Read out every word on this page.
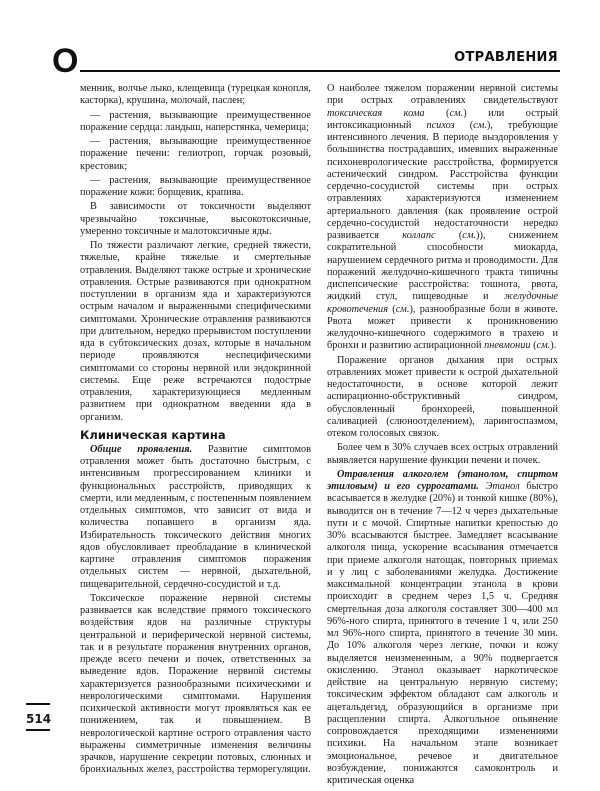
О	ОТРАВЛЕНИЯ

менник, волчье лыко, клещевица (турецкая конопля, касторка), крушина, молочай, паслен;

— растения, вызывающие преимущественное поражение сердца: ландыш, наперстянка, чемерица;

— растения, вызывающие преимущественное поражение печени: гелиотроп, горчак розовый, крестовик;

— растения, вызывающие преимущественное поражение кожи: борщевик, крапива.

В зависимости от токсичности выделяют чрезвычайно токсичные, высокотоксичные, умеренно токсичные и малотоксичные яды.

По тяжести различают легкие, средней тяжести, тяжелые, крайне тяжелые и смертельные отравления. Выделяют также острые и хронические отравления. Острые развиваются при однократном поступлении в организм яда и характеризуются острым началом и выраженными специфическими симптомами. Хронические отравления развиваются при длительном, нередко прерывистом поступлении яда в субтоксических дозах, которые в начальном периоде проявляются неспецифическими симптомами со стороны нервной или эндокринной системы. Еще реже встречаются подострые отравления, характеризующиеся медленным развитием при однократном введении яда в организм.

Клиническая картина

Общие проявления. Развитие симптомов отравления может быть достаточно быстрым, с интенсивным прогрессированием клиники и функциональных расстройств, приводящих к смерти, или медленным, с постепенным появлением отдельных симптомов, что зависит от вида и количества попавшего в организм яда. Избирательность токсического действия многих ядов обусловливает преобладание в клинической картине отравления симптомов поражения отдельных систем — нервной, дыхательной, пищеварительной, сердечно-сосудистой и т.д.

Токсическое поражение нервной системы развивается как вследствие прямого токсического воздействия ядов на различные структуры центральной и периферической нервной системы, так и в результате поражения внутренних органов, прежде всего печени и почек, ответственных за выведение ядов. Поражение нервной системы характеризуется разнообразными психическими и неврологическими симптомами. Нарушения психической активности могут проявляться как ее понижением, так и повышением. В неврологической картине острого отравления часто выражены симметричные изменения величины зрачков, нарушение секреции потовых, слюнных и бронхиальных желез, расстройства терморегуляции.

О наиболее тяжелом поражении нервной системы при острых отравлениях свидетельствуют токсическая кома (см.) или острый интоксикационный психоз (см.), требующие интенсивного лечения. В периоде выздоровления у большинства пострадавших, имевших выраженные психоневрологические расстройства, формируется астенический синдром. Расстройства функции сердечно-сосудистой системы при острых отравлениях характеризуются изменением артериального давления (как проявление острой сердечно-сосудистой недостаточности нередко развивается коллапс (см.)), снижением сократительной способности миокарда, нарушением сердечного ритма и проводимости. Для поражений желудочно-кишечного тракта типичны диспепсические расстройства: тошнота, рвота, жидкий стул, пищеводные и желудочные кровотечения (см.), разнообразные боли в животе. Рвота может привести к проникновению желудочно-кишечного содержимого в трахею и бронхи и развитию аспирационной пневмонии (см.).

Поражение органов дыхания при острых отравлениях может привести к острой дыхательной недостаточности, в основе которой лежит аспирационно-обструктивный синдром, обусловленный бронхореей, повышенной саливацией (слюноотделением), ларингоспазмом, отеком голосовых связок.

Более чем в 30% случаев всех острых отравлений выявляется нарушение функции печени и почек.

Отравления алкоголем (этанолом, спиртом этиловым) и его суррогатами. Этанол быстро всасывается в желудке (20%) и тонкой кишке (80%), выводится он в течение 7—12 ч через дыхательные пути и с мочой. Спиртные напитки крепостью до 30% всасываются быстрее. Замедляет всасывание алкоголя пища, ускорение всасывания отмечается при приеме алкоголя натощак, повторных приемах и у лиц с заболеваниями желудка. Достижение максимальной концентрации этанола в крови происходит в среднем через 1,5 ч. Средняя смертельная доза алкоголя составляет 300—400 мл 96%-ного спирта, принятого в течение 1 ч, или 250 мл 96%-ного спирта, принятого в течение 30 мин. До 10% алкоголя через легкие, почки и кожу выделяется неизмененным, а 90% подвергается окислению. Этанол оказывает наркотическое действие на центральную нервную систему; токсическим эффектом обладают сам алкоголь и ацетальдегид, образующийся в организме при расщеплении спирта. Алкогольное опьянение сопровождается преходящими изменениями психики. На начальном этапе возникает эмоциональное, речевое и двигательное возбуждение, понижаются самоконтроль и критическая оценка

514
